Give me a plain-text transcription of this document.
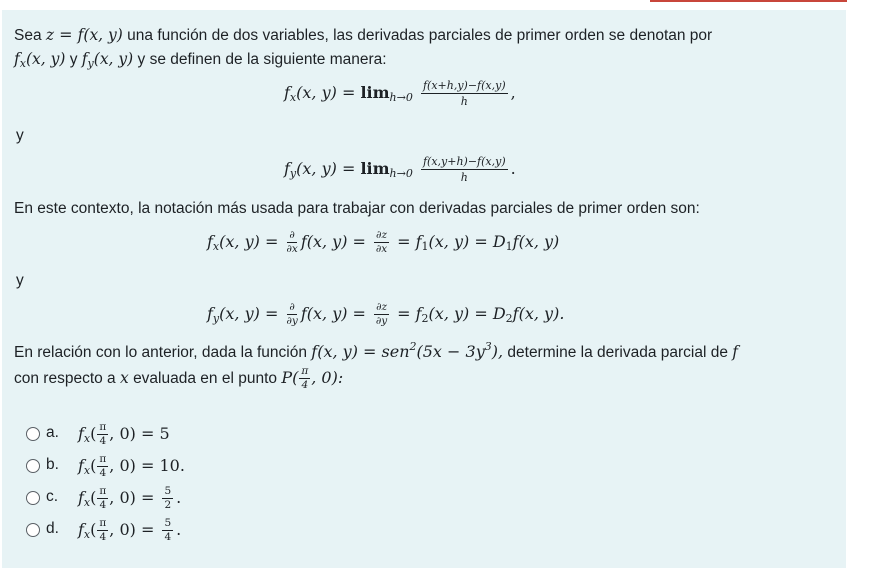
Sea z = f(x, y) una función de dos variables, las derivadas parciales de primer orden se denotan por
$f_x(x$, y) y $f_y(x$, y) y se definen de la siguiente manera:
$f_x(x$, $y) = \lim_{h\to 0} \frac{f(x+h,y)-f(x,y)}{h}$ ,
y
$f_y(x$, $y) = \lim_{h\to 0} \frac{f(x,y+h)-f(x,y)}{h}$ .
En este contexto, la notación más usada para trabajar con derivadas parciales de primer orden son:
$f_x(x$, $y) = \frac{\partial}{\partial x} f(x$, $y) = \frac{\partial z}{\partial x} = f_1(x$, $y) = D_1f(x$, y)
y
$f_y(x$, $y) = \frac{\partial}{\partial y} f(x$, $y) = \frac{\partial z}{\partial y} = f_2(x$, $y) = D_2f(x$, y).
En relación con lo anterior, dada la función f(x, $y) = sen^2(5x - 3y^3)$, determine la derivada parcial de f
con respecto a x evaluada en el punto $P( \frac{\pi}{4}$ , 0):
a. $f_x( \frac{\pi}{4}$ , 0) = 5
b. $f_x( \frac{\pi}{4}$ , 0) = 10.
c. $f_x( \frac{\pi}{4}$ , $0) = \frac{5}{2}$ .
d. $f_x( \frac{\pi}{4}$ , $0) = \frac{5}{4}$ .
